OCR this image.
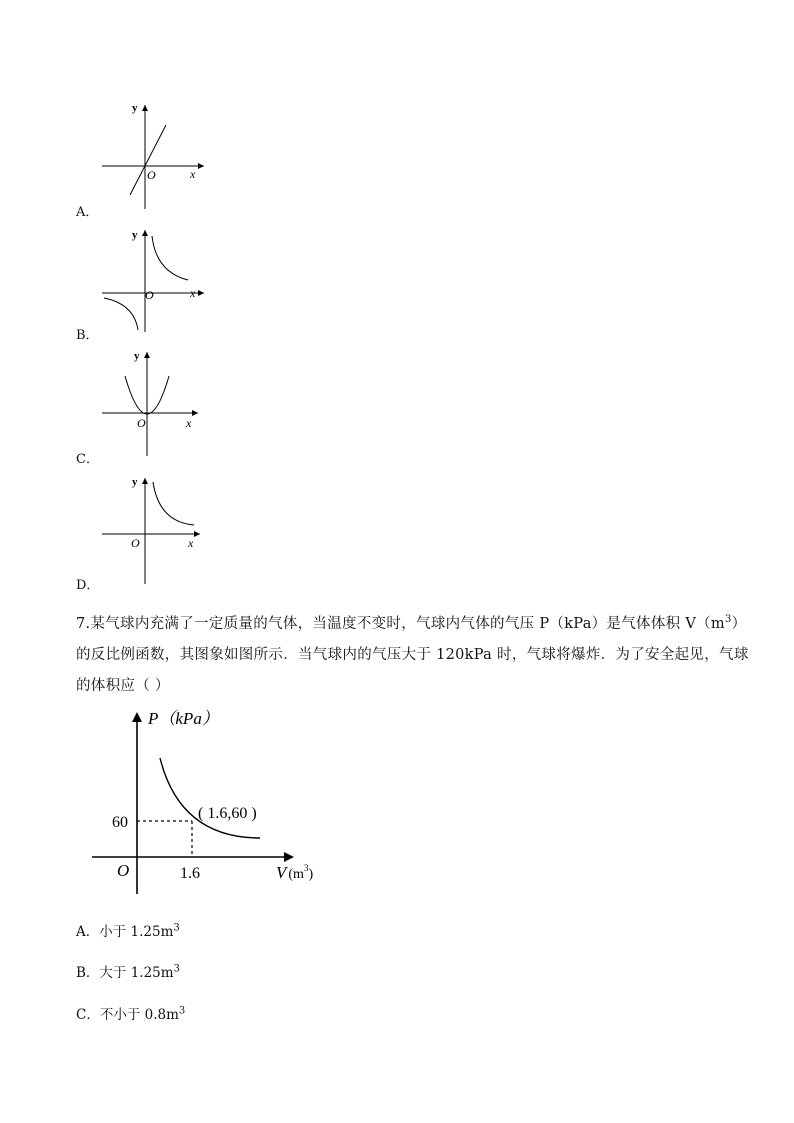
y
x
O
A．
y
x
O
B．
y
x
O
C．
y
x
O
D．
7.某气球内充满了一定质量的气体，当温度不变时，气球内气体的气压 P（kPa）是气体体积 $V(m^3)$
的反比例函数，其图象如图所示．当气球内的气压大于 120kPa 时，气球将爆炸．为了安全起见，气球
的体积应（ ）
P（kPa）
( 1.6,60 )
60
1.6
O	V ($m^3_)$
A．小于 $1.25m^3$
B．大于 $1.25m^3$
C．不小于 $0.8m^3$
